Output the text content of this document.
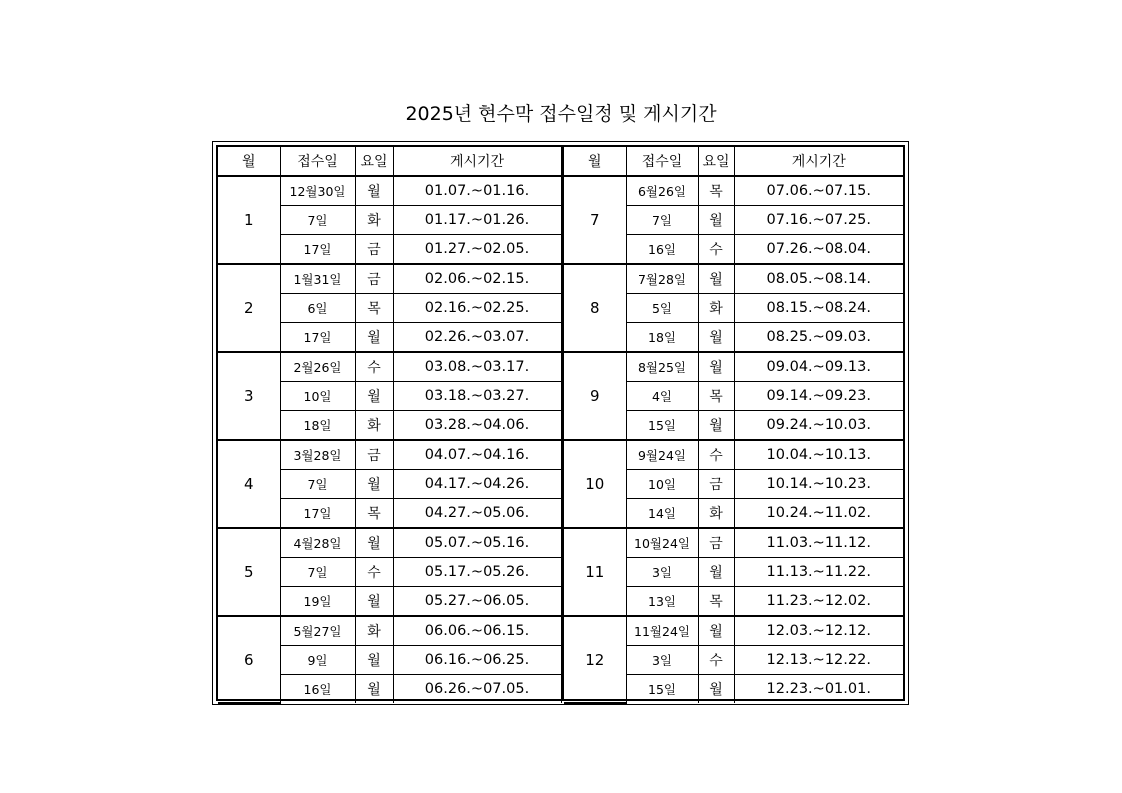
2025년 현수막 접수일정 및 게시기간
월	접수일	요일	게시기간
1	12월30일	월	01.07.~01.16.
	7일	화	01.17.~01.26.
	17일	금	01.27.~02.05.
2	1월31일	금	02.06.~02.15.
	6일	목	02.16.~02.25.
	17일	월	02.26.~03.07.
3	2월26일	수	03.08.~03.17.
	10일	월	03.18.~03.27.
	18일	화	03.28.~04.06.
4	3월28일	금	04.07.~04.16.
	7일	월	04.17.~04.26.
	17일	목	04.27.~05.06.
5	4월28일	월	05.07.~05.16.
	7일	수	05.17.~05.26.
	19일	월	05.27.~06.05.
6	5월27일	화	06.06.~06.15.
	9일	월	06.16.~06.25.
	16일	월	06.26.~07.05.
월	접수일	요일	게시기간
7	6월26일	목	07.06.~07.15.
	7일	월	07.16.~07.25.
	16일	수	07.26.~08.04.
8	7월28일	월	08.05.~08.14.
	5일	화	08.15.~08.24.
	18일	월	08.25.~09.03.
9	8월25일	월	09.04.~09.13.
	4일	목	09.14.~09.23.
	15일	월	09.24.~10.03.
10	9월24일	수	10.04.~10.13.
	10일	금	10.14.~10.23.
	14일	화	10.24.~11.02.
11	10월24일	금	11.03.~11.12.
	3일	월	11.13.~11.22.
	13일	목	11.23.~12.02.
12	11월24일	월	12.03.~12.12.
	3일	수	12.13.~12.22.
	15일	월	12.23.~01.01.
